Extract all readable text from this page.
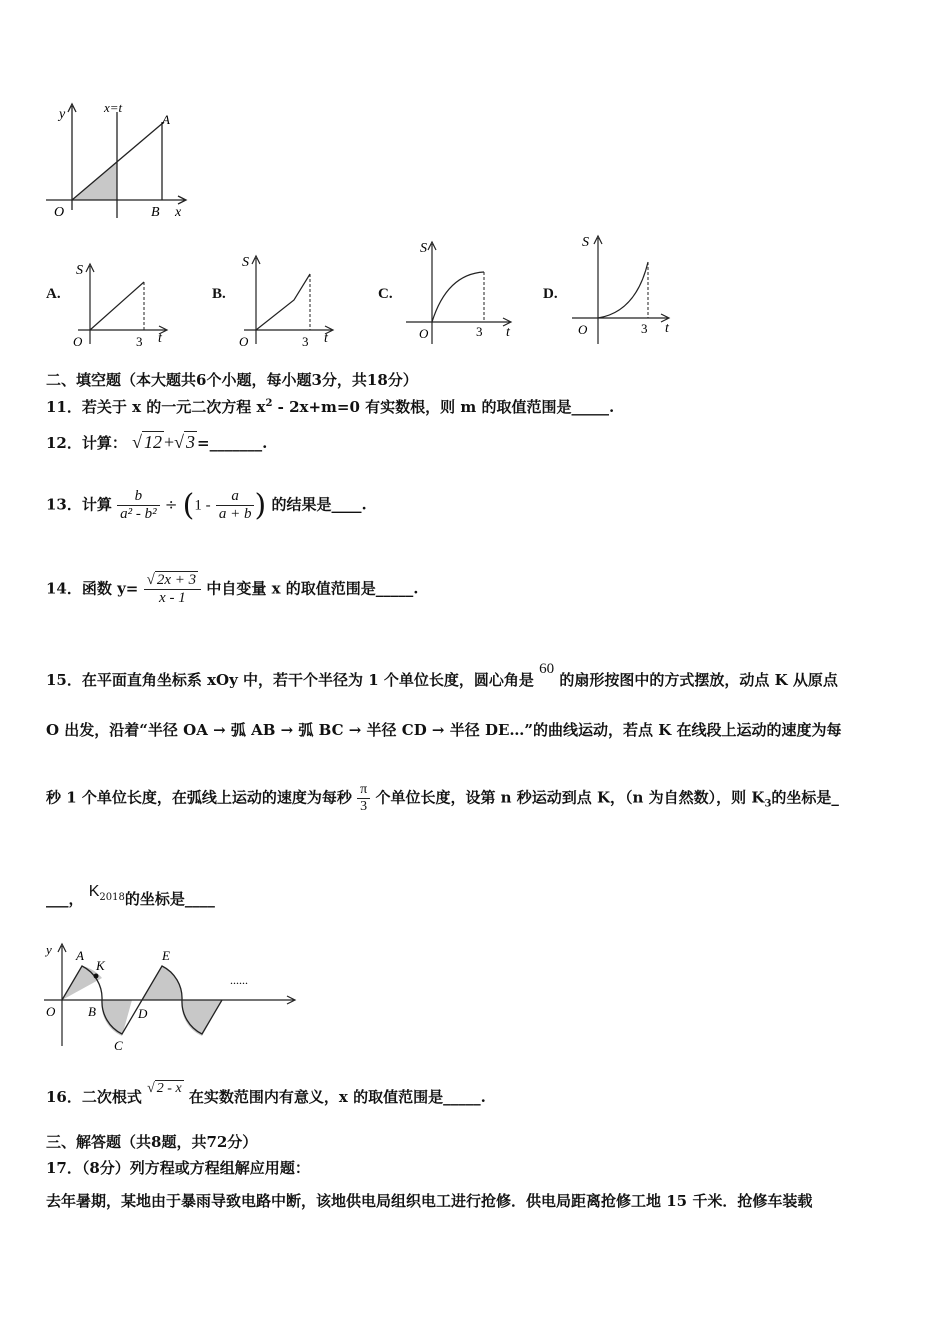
y	x=t
A
O	B x
A.
S
O	3 t
B.
S
O	3 t
C.
S
O	3 t
D.
S
O	3 t
二、填空题（本大题共6个小题，每小题3分，共18分）
11．若关于 x 的一元二次方程 $x^2 - 2x+m=0$ 有实数根，则 m 的取值范围是_____.
12．计算： √ 12 +√ 3 =_______.
13．计算 $\frac{b}{\text{a² - b²}} \div (1 - \frac{a}{a + b}$ ) 的结果是____.
14．函数 $y= \frac{√ 2x + 3}{x - 1}$ 中自变量 x 的取值范围是_____.
15．在平面直角坐标系 xOy 中，若干个半径为 1 个单位长度，圆心角是 60 的扇形按图中的方式摆放，动点 K 从原点
O 出发，沿着“半径 OA → 弧 AB → 弧 BC → 半径 CD → 半径 DE…”的曲线运动，若点 K 在线段上运动的速度为每
秒 1 个单位长度，在弧线上运动的速度为每秒 $\frac{\pi}{3}$ 个单位长度，设第 n 秒运动到点 K，（n 为自然数），则 $K_3$的坐标是_
___， $K^{2018}$的坐标是____
y A
K
E
O	B	D
C
......
16．二次根式 √ 2 - x 在实数范围内有意义，x 的取值范围是_____.
三、解答题（共8题，共72分）
17．（8分）列方程或方程组解应用题：
去年暑期，某地由于暴雨导致电路中断，该地供电局组织电工进行抢修．供电局距离抢修工地 15 千米．抢修车装载
